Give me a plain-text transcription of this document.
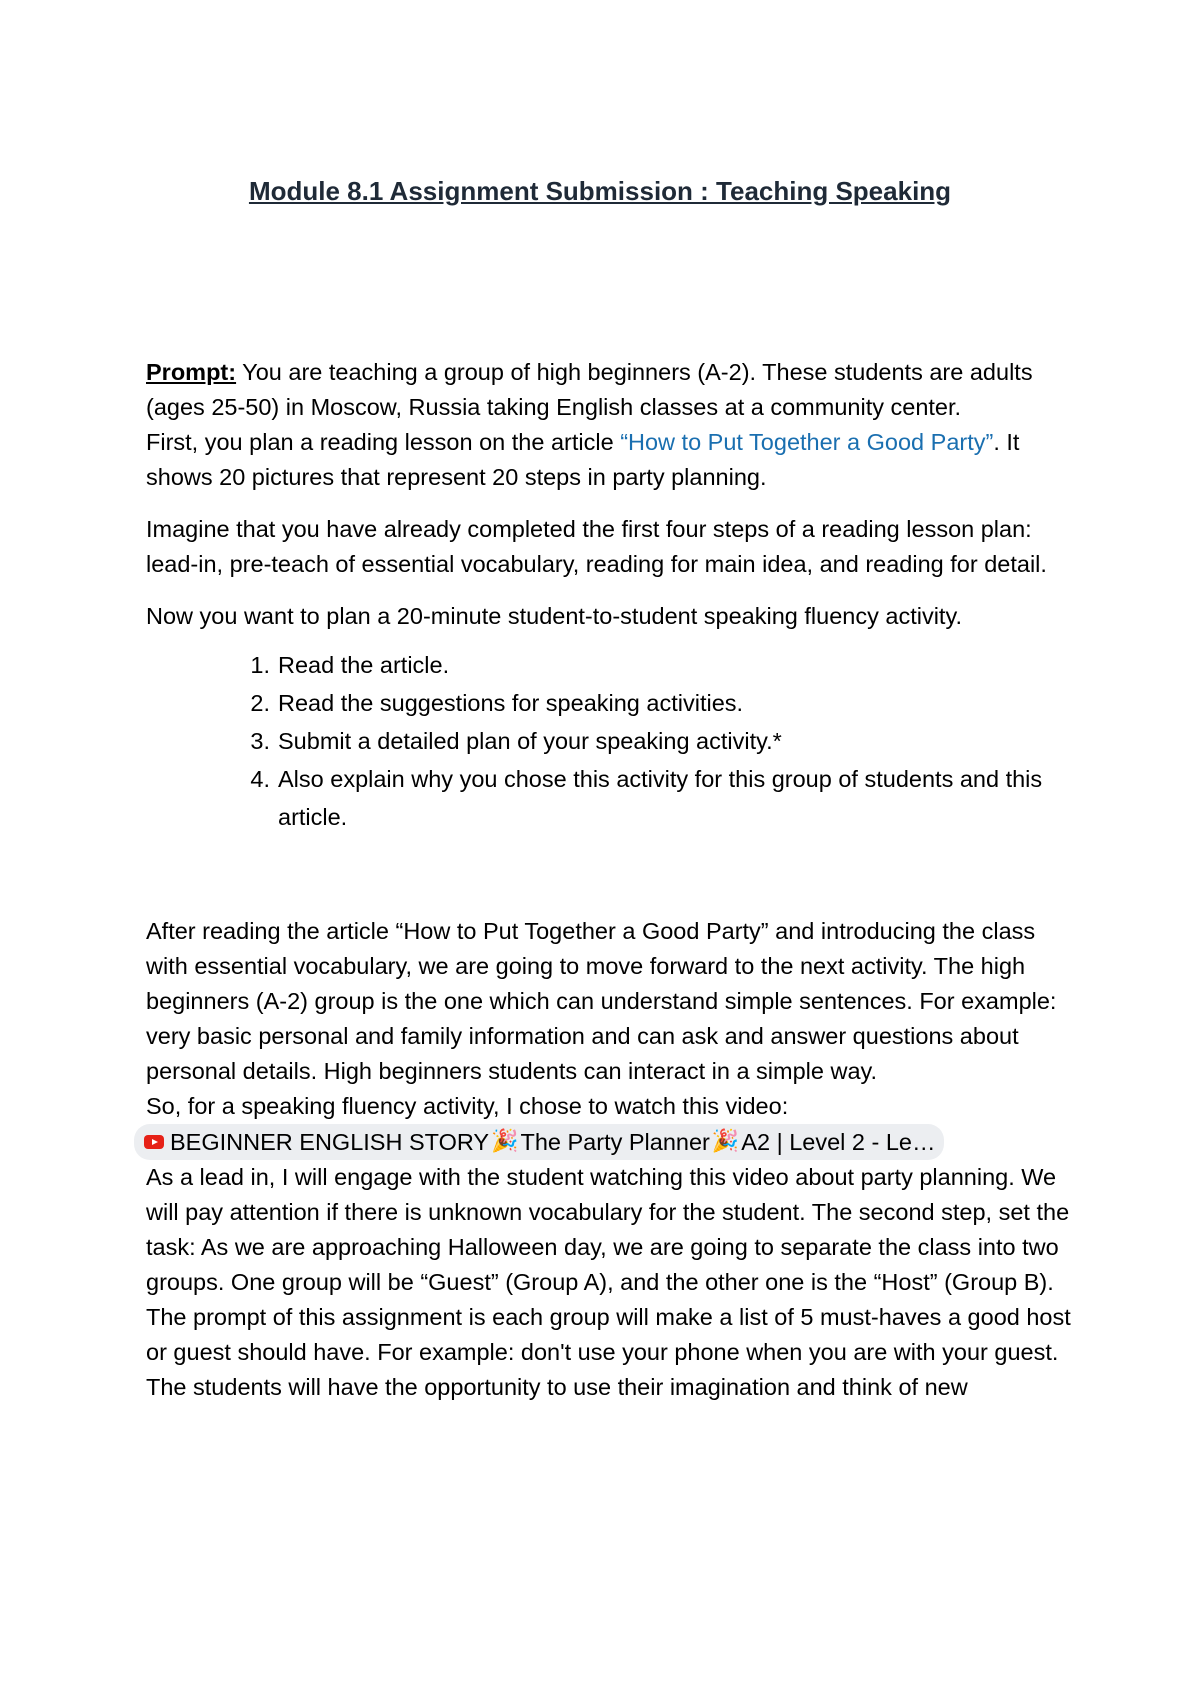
Module 8.1 Assignment Submission : Teaching Speaking

Prompt: You are teaching a group of high beginners (A-2). These students are adults (ages 25-50) in Moscow, Russia taking English classes at a community center.

First, you plan a reading lesson on the article “How to Put Together a Good Party”. It shows 20 pictures that represent 20 steps in party planning.

Imagine that you have already completed the first four steps of a reading lesson plan: lead-in, pre-teach of essential vocabulary, reading for main idea, and reading for detail.

Now you want to plan a 20-minute student-to-student speaking fluency activity.

1. Read the article.
2. Read the suggestions for speaking activities.
3. Submit a detailed plan of your speaking activity.*
4. Also explain why you chose this activity for this group of students and this article.

After reading the article “How to Put Together a Good Party” and introducing the class with essential vocabulary, we are going to move forward to the next activity. The high beginners (A-2) group is the one which can understand simple sentences. For example: very basic personal and family information and can ask and answer questions about personal details. High beginners students can interact in a simple way.

So, for a speaking fluency activity, I chose to watch this video:

BEGINNER ENGLISH STORY 🎉 The Party Planner 🎉 A2 | Level 2 - Le…

As a lead in, I will engage with the student watching this video about party planning. We will pay attention if there is unknown vocabulary for the student. The second step, set the task: As we are approaching Halloween day, we are going to separate the class into two groups. One group will be “Guest” (Group A), and the other one is the “Host” (Group B). The prompt of this assignment is each group will make a list of 5 must-haves a good host or guest should have. For example: don't use your phone when you are with your guest. The students will have the opportunity to use their imagination and think of new
